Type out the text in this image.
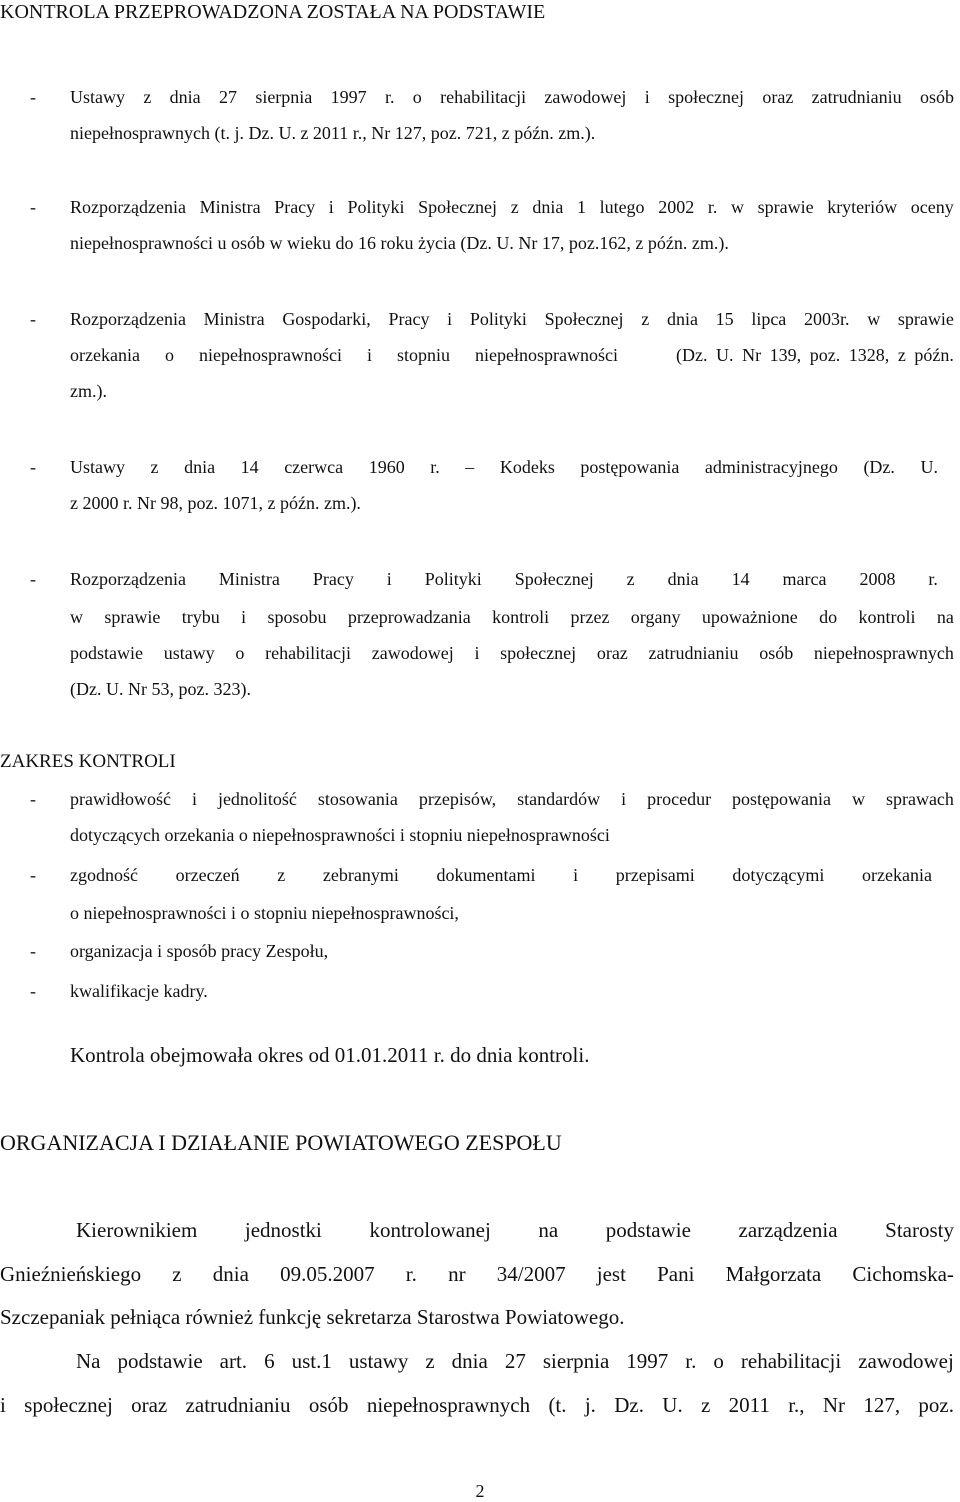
KONTROLA PRZEPROWADZONA ZOSTAŁA NA PODSTAWIE
- Ustawy z dnia 27 sierpnia 1997 r. o rehabilitacji zawodowej i społecznej oraz zatrudnianiu osób
niepełnosprawnych (t. j. Dz. U. z 2011 r., Nr 127, poz. 721, z późn. zm.).
- Rozporządzenia Ministra Pracy i Polityki Społecznej z dnia 1 lutego 2002 r. w sprawie kryteriów oceny
niepełnosprawności u osób w wieku do 16 roku życia (Dz. U. Nr 17, poz.162, z późn. zm.).
- Rozporządzenia Ministra Gospodarki, Pracy i Polityki Społecznej z dnia 15 lipca 2003r. w sprawie
orzekania o niepełnosprawności i stopniu niepełnosprawności	(Dz. U. Nr 139, poz. 1328, z późn.
zm.).
- Ustawy z dnia 14 czerwca 1960 r. – Kodeks postępowania administracyjnego (Dz. U.
z 2000 r. Nr 98, poz. 1071, z późn. zm.).
- Rozporządzenia Ministra Pracy i Polityki Społecznej z dnia 14 marca 2008 r.
w sprawie trybu i sposobu przeprowadzania kontroli przez organy upoważnione do kontroli na
podstawie ustawy o rehabilitacji zawodowej i społecznej oraz zatrudnianiu osób niepełnosprawnych
(Dz. U. Nr 53, poz. 323).
ZAKRES KONTROLI
- prawidłowość i jednolitość stosowania przepisów, standardów i procedur postępowania w sprawach
dotyczących orzekania o niepełnosprawności i stopniu niepełnosprawności
- zgodność orzeczeń z zebranymi dokumentami i przepisami dotyczącymi orzekania
o niepełnosprawności i o stopniu niepełnosprawności,
- organizacja i sposób pracy Zespołu,
- kwalifikacje kadry.
Kontrola obejmowała okres od 01.01.2011 r. do dnia kontroli.
ORGANIZACJA I DZIAŁANIE POWIATOWEGO ZESPOŁU
Kierownikiem jednostki kontrolowanej na podstawie zarządzenia Starosty
Gnieźnieńskiego z dnia 09.05.2007 r. nr 34/2007 jest Pani Małgorzata Cichomska-
Szczepaniak pełniąca również funkcję sekretarza Starostwa Powiatowego.
Na podstawie art. 6 ust.1 ustawy z dnia 27 sierpnia 1997 r. o rehabilitacji zawodowej
i społecznej oraz zatrudnianiu osób niepełnosprawnych (t. j. Dz. U. z 2011 r., Nr 127, poz.
2
